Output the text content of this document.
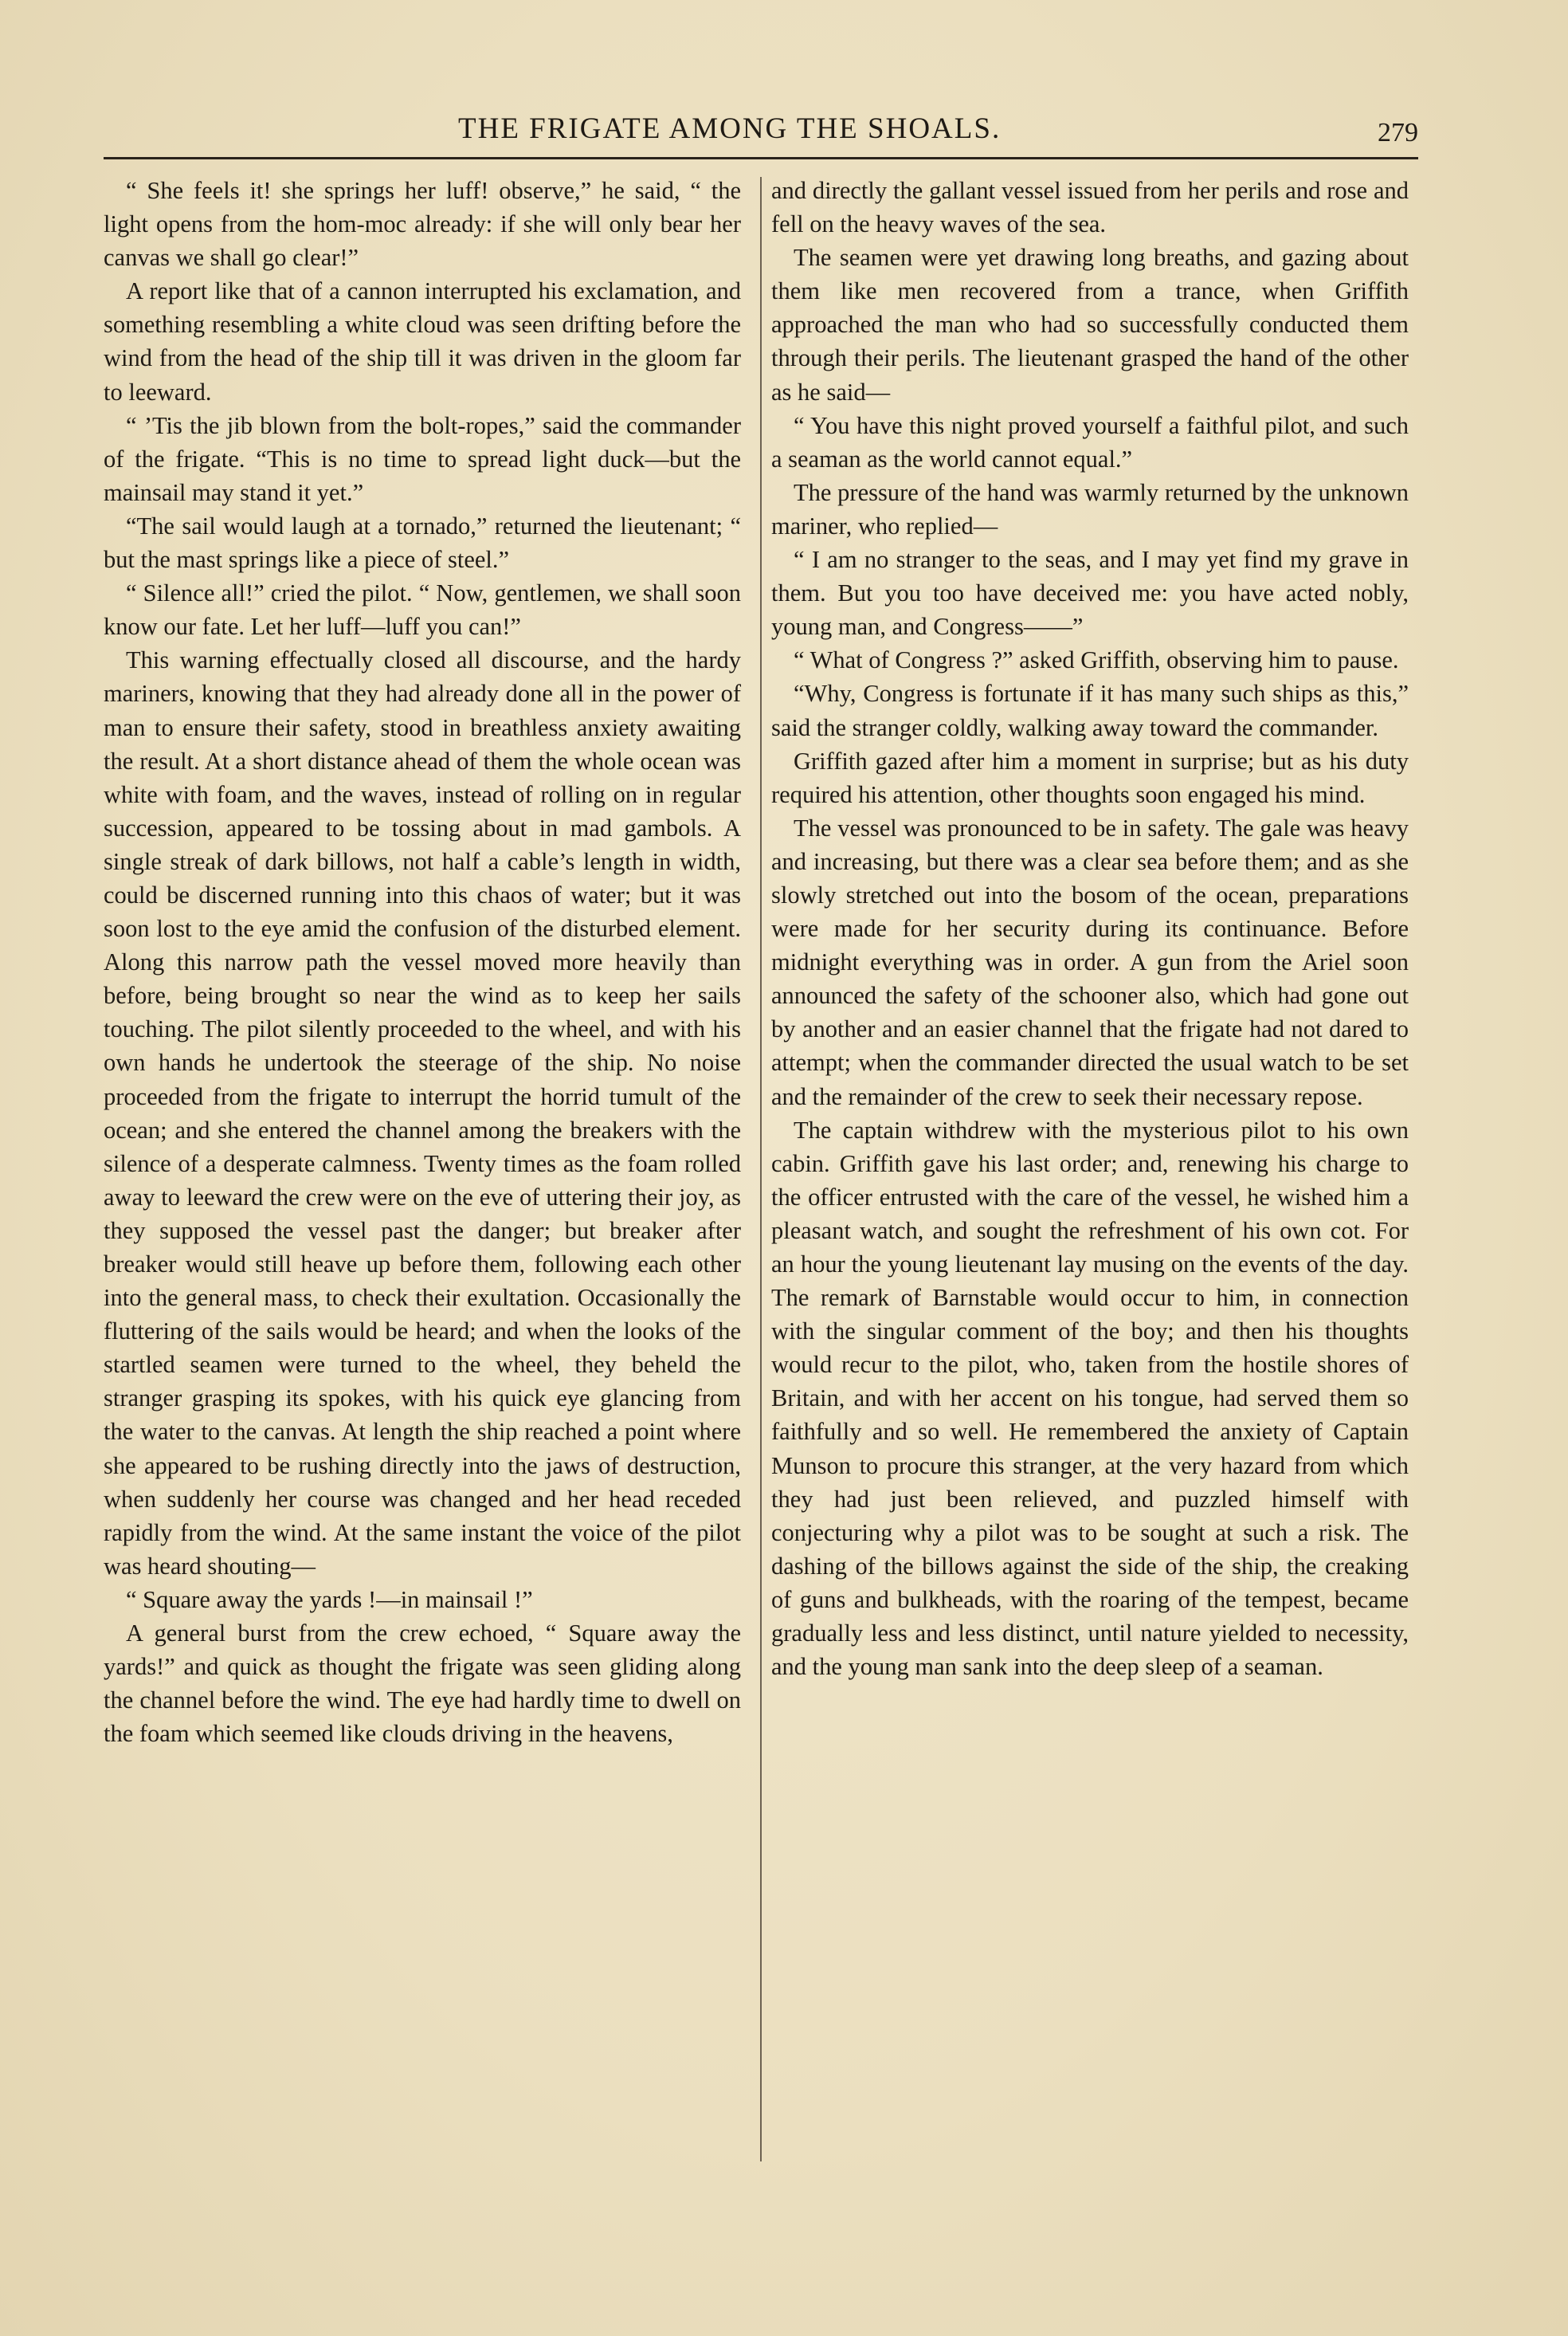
THE FRIGATE AMONG THE SHOALS.	279

“ She feels it! she springs her luff! observe,” he said, “ the light opens from the hom-moc already: if she will only bear her canvas we shall go clear!”

A report like that of a cannon interrupted his exclamation, and something resembling a white cloud was seen drifting before the wind from the head of the ship till it was driven in the gloom far to leeward.

“ ’Tis the jib blown from the bolt-ropes,” said the commander of the frigate. “This is no time to spread light duck—but the mainsail may stand it yet.”

“The sail would laugh at a tornado,” returned the lieutenant; “ but the mast springs like a piece of steel.”

“ Silence all!” cried the pilot. “ Now, gentlemen, we shall soon know our fate. Let her luff—luff you can!”

This warning effectually closed all discourse, and the hardy mariners, knowing that they had already done all in the power of man to ensure their safety, stood in breathless anxiety awaiting the result. At a short distance ahead of them the whole ocean was white with foam, and the waves, instead of rolling on in regular succession, appeared to be tossing about in mad gambols. A single streak of dark billows, not half a cable’s length in width, could be discerned running into this chaos of water; but it was soon lost to the eye amid the confusion of the disturbed element. Along this narrow path the vessel moved more heavily than before, being brought so near the wind as to keep her sails touching. The pilot silently proceeded to the wheel, and with his own hands he undertook the steerage of the ship. No noise proceeded from the frigate to interrupt the horrid tumult of the ocean; and she entered the channel among the breakers with the silence of a desperate calmness. Twenty times as the foam rolled away to leeward the crew were on the eve of uttering their joy, as they supposed the vessel past the danger; but breaker after breaker would still heave up before them, following each other into the general mass, to check their exultation. Occasionally the fluttering of the sails would be heard; and when the looks of the startled seamen were turned to the wheel, they beheld the stranger grasping its spokes, with his quick eye glancing from the water to the canvas. At length the ship reached a point where she appeared to be rushing directly into the jaws of destruction, when suddenly her course was changed and her head receded rapidly from the wind. At the same instant the voice of the pilot was heard shouting—

“ Square away the yards !—in mainsail !”

A general burst from the crew echoed, “ Square away the yards!” and quick as thought the frigate was seen gliding along the channel before the wind. The eye had hardly time to dwell on the foam which seemed like clouds driving in the heavens,

and directly the gallant vessel issued from her perils and rose and fell on the heavy waves of the sea.

The seamen were yet drawing long breaths, and gazing about them like men recovered from a trance, when Griffith approached the man who had so successfully conducted them through their perils. The lieutenant grasped the hand of the other as he said—

“ You have this night proved yourself a faithful pilot, and such a seaman as the world cannot equal.”

The pressure of the hand was warmly returned by the unknown mariner, who replied—

“ I am no stranger to the seas, and I may yet find my grave in them. But you too have deceived me: you have acted nobly, young man, and Congress——”

“ What of Congress ?” asked Griffith, observing him to pause.

“Why, Congress is fortunate if it has many such ships as this,” said the stranger coldly, walking away toward the commander.

Griffith gazed after him a moment in surprise; but as his duty required his attention, other thoughts soon engaged his mind.

The vessel was pronounced to be in safety. The gale was heavy and increasing, but there was a clear sea before them; and as she slowly stretched out into the bosom of the ocean, preparations were made for her security during its continuance. Before midnight everything was in order. A gun from the Ariel soon announced the safety of the schooner also, which had gone out by another and an easier channel that the frigate had not dared to attempt; when the commander directed the usual watch to be set and the remainder of the crew to seek their necessary repose.

The captain withdrew with the mysterious pilot to his own cabin. Griffith gave his last order; and, renewing his charge to the officer entrusted with the care of the vessel, he wished him a pleasant watch, and sought the refreshment of his own cot. For an hour the young lieutenant lay musing on the events of the day. The remark of Barnstable would occur to him, in connection with the singular comment of the boy; and then his thoughts would recur to the pilot, who, taken from the hostile shores of Britain, and with her accent on his tongue, had served them so faithfully and so well. He remembered the anxiety of Captain Munson to procure this stranger, at the very hazard from which they had just been relieved, and puzzled himself with conjecturing why a pilot was to be sought at such a risk. The dashing of the billows against the side of the ship, the creaking of guns and bulkheads, with the roaring of the tempest, became gradually less and less distinct, until nature yielded to necessity, and the young man sank into the deep sleep of a seaman.
